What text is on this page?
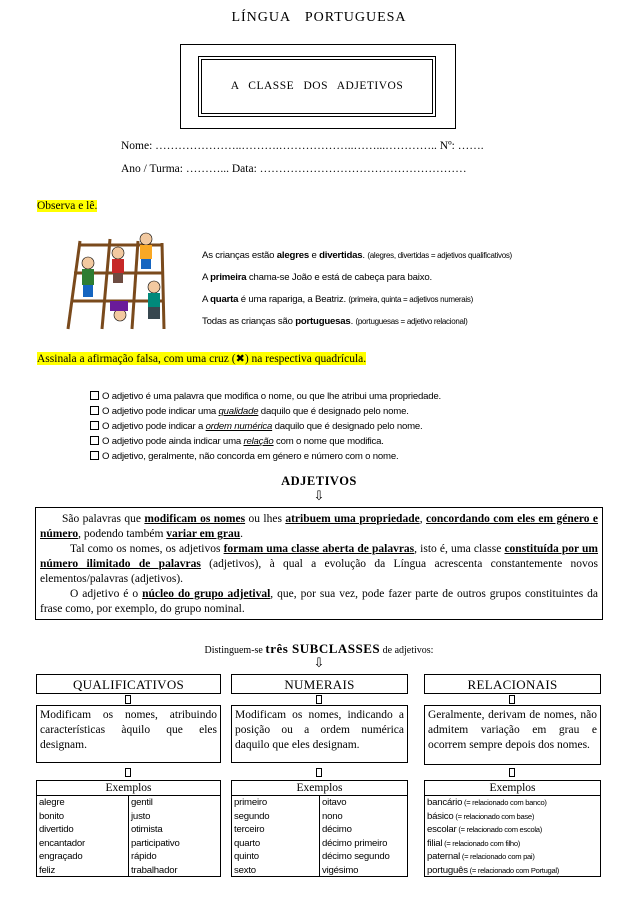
LÍNGUA PORTUGUESA
A CLASSE DOS ADJETIVOS
Nome: …………………..……….………………..……...………….. Nº: …….
Ano / Turma: ………... Data: ………………………………………………
Observa e lê.
As crianças estão alegres e divertidas. (alegres, divertidas = adjetivos qualificativos)
A primeira chama-se João e está de cabeça para baixo.
A quarta é uma rapariga, a Beatriz. (primeira, quinta = adjetivos numerais)
Todas as crianças são portuguesas. (portuguesas = adjetivo relacional)
Assinala a afirmação falsa, com uma cruz (✖) na respectiva quadrícula.
O adjetivo é uma palavra que modifica o nome, ou que lhe atribui uma propriedade.
O adjetivo pode indicar uma qualidade daquilo que é designado pelo nome.
O adjetivo pode indicar a ordem numérica daquilo que é designado pelo nome.
O adjetivo pode ainda indicar uma relação com o nome que modifica.
O adjetivo, geralmente, não concorda em género e número com o nome.
ADJETIVOS
⇩

São palavras que modificam os nomes ou lhes atribuem uma propriedade, concordando com eles em género e número, podendo também variar em grau.

Tal como os nomes, os adjetivos formam uma classe aberta de palavras, isto é, uma classe constituída por um número ilimitado de palavras (adjetivos), à qual a evolução da Língua acrescenta constantemente novos elementos/palavras (adjetivos).

O adjetivo é o núcleo do grupo adjetival, que, por sua vez, pode fazer parte de outros grupos constituintes da frase como, por exemplo, do grupo nominal.

Distinguem-se três SUBCLASSES de adjetivos:
⇩
QUALIFICATIVOS
Modificam os nomes, atribuindo características àquilo que eles designam.
Exemplos
alegre
bonito
divertido
encantador
engraçado
feliz
gentil
justo
otimista
participativo
rápido
trabalhador
NUMERAIS
Modificam os nomes, indicando a posição ou a ordem numérica daquilo que eles designam.
Exemplos
primeiro
segundo
terceiro
quarto
quinto
sexto
oitavo
nono
décimo
décimo primeiro
décimo segundo
vigésimo
RELACIONAIS
Geralmente, derivam de nomes, não admitem variação em grau e ocorrem sempre depois dos nomes.
Exemplos
bancário (= relacionado com banco)
básico (= relacionado com base)
escolar (= relacionado com escola)
filial (= relacionado com filho)
paternal (= relacionado com pai)
português (= relacionado com Portugal)
